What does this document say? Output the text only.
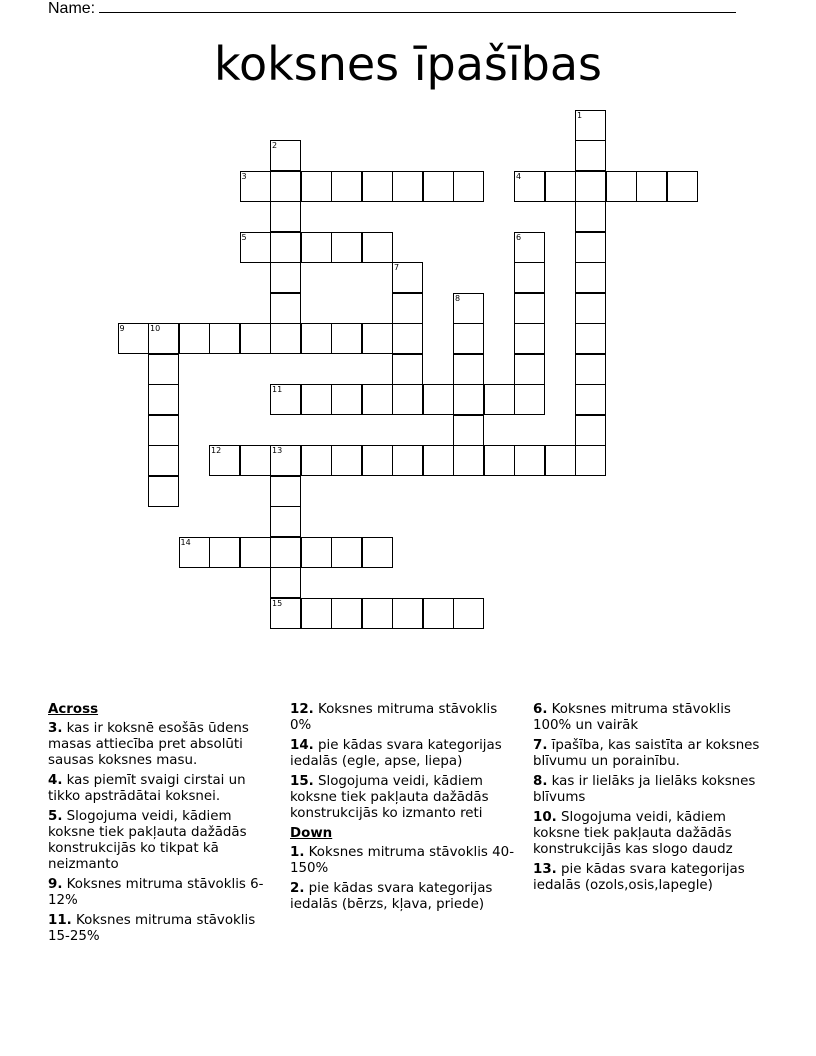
Name:
koksnes īpašības
1
2
3	4
5	6
7
8
9	10
11
12	13
14
15
Across
3. kas ir koksnē esošās ūdens masas attiecība pret absolūti sausas koksnes masu.
4. kas piemīt svaigi cirstai un tikko apstrādātai koksnei.
5. Slogojuma veidi, kādiem koksne tiek pakļauta dažādās konstrukcijās ko tikpat kā neizmanto
9. Koksnes mitruma stāvoklis 6-12%
11. Koksnes mitruma stāvoklis 15-25%
12. Koksnes mitruma stāvoklis 0%
14. pie kādas svara kategorijas iedalās (egle, apse, liepa)
15. Slogojuma veidi, kādiem koksne tiek pakļauta dažādās konstrukcijās ko izmanto reti
Down
1. Koksnes mitruma stāvoklis 40-150%
2. pie kādas svara kategorijas iedalās (bērzs, kļava, priede)
6. Koksnes mitruma stāvoklis 100% un vairāk
7. īpašība, kas saistīta ar koksnes blīvumu un porainību.
8. kas ir lielāks ja lielāks koksnes blīvums
10. Slogojuma veidi, kādiem koksne tiek pakļauta dažādās konstrukcijās kas slogo daudz
13. pie kādas svara kategorijas iedalās (ozols,osis,lapegle)
